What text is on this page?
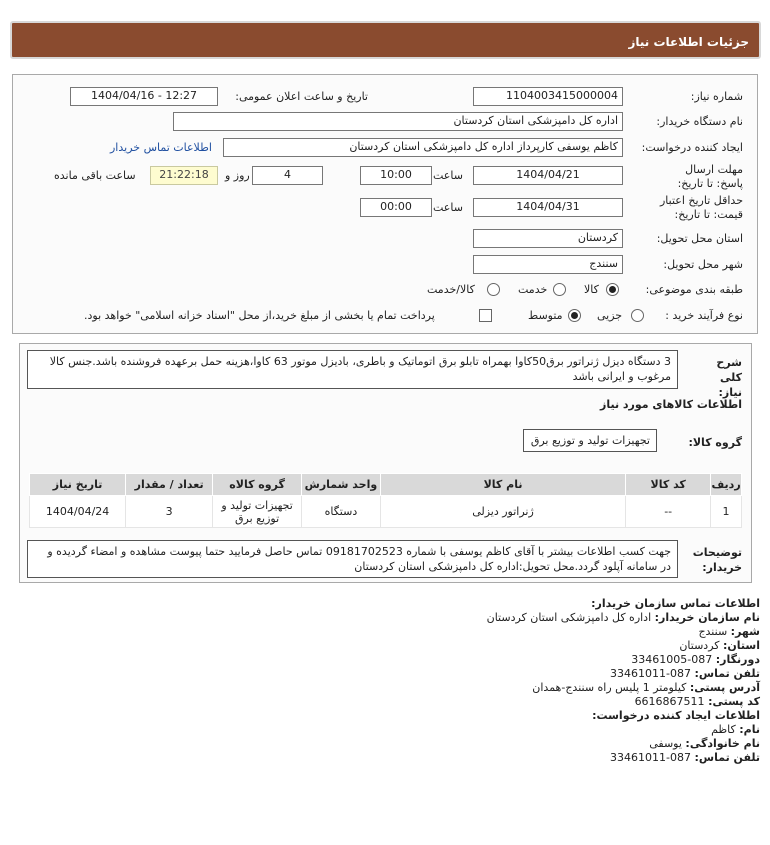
جزئیات اطلاعات نیاز
شماره نیاز:
1104003415000004
تاریخ و ساعت اعلان عمومی:
1404/04/16 - 12:27
نام دستگاه خریدار:
اداره کل دامپزشکی استان کردستان
ایجاد کننده درخواست:
کاظم یوسفی کارپرداز اداره کل دامپزشکی استان کردستان
اطلاعات تماس خریدار
مهلت ارسال پاسخ: تا تاریخ:
1404/04/21
ساعت
10:00
4
روز و
21:22:18
ساعت باقی مانده
حداقل تاریخ اعتبار قیمت: تا تاریخ:
1404/04/31
ساعت
00:00
استان محل تحویل:
کردستان
شهر محل تحویل:
سنندج
طبقه بندی موضوعی:
کالا
خدمت
کالا/خدمت
نوع فرآیند خرید :
جزیی
متوسط
پرداخت تمام یا بخشی از مبلغ خرید،از محل "اسناد خزانه اسلامی" خواهد بود.
شرح کلی نیاز:
3 دستگاه دیزل ژنراتور برق50کاوا بهمراه تابلو برق اتوماتیک و باطری، بادیزل موتور 63 کاوا،هزینه حمل برعهده فروشنده باشد.جنس کالا مرغوب و ایرانی باشد
اطلاعات کالاهای مورد نیاز
گروه کالا:
تجهیزات تولید و توزیع برق
ردیف	کد کالا	نام کالا	واحد شمارش	گروه کالاه	تعداد / مقدار	تاریخ نیاز
1	--	ژنراتور دیزلی	دستگاه	تجهیزات تولید و توزیع برق	3	1404/04/24
توضیحات خریدار:
جهت کسب اطلاعات بیشتر با آقای کاظم یوسفی با شماره 09181702523 تماس حاصل فرمایید حتما پیوست مشاهده و امضاء گردیده و در سامانه آپلود گردد.محل تحویل:اداره کل دامپزشکی استان کردستان
اطلاعات تماس سازمان خریدار:
نام سازمان خریدار: اداره کل دامپزشکی استان کردستان
شهر: سنندج
استان: کردستان
دورنگار: 087-33461005
تلفن تماس: 087-33461011
آدرس پستی: کیلومتر 1 پلیس راه سنندج-همدان
کد پستی: 6616867511
اطلاعات ایجاد کننده درخواست:
نام: کاظم
نام خانوادگی: یوسفی
تلفن تماس: 087-33461011
